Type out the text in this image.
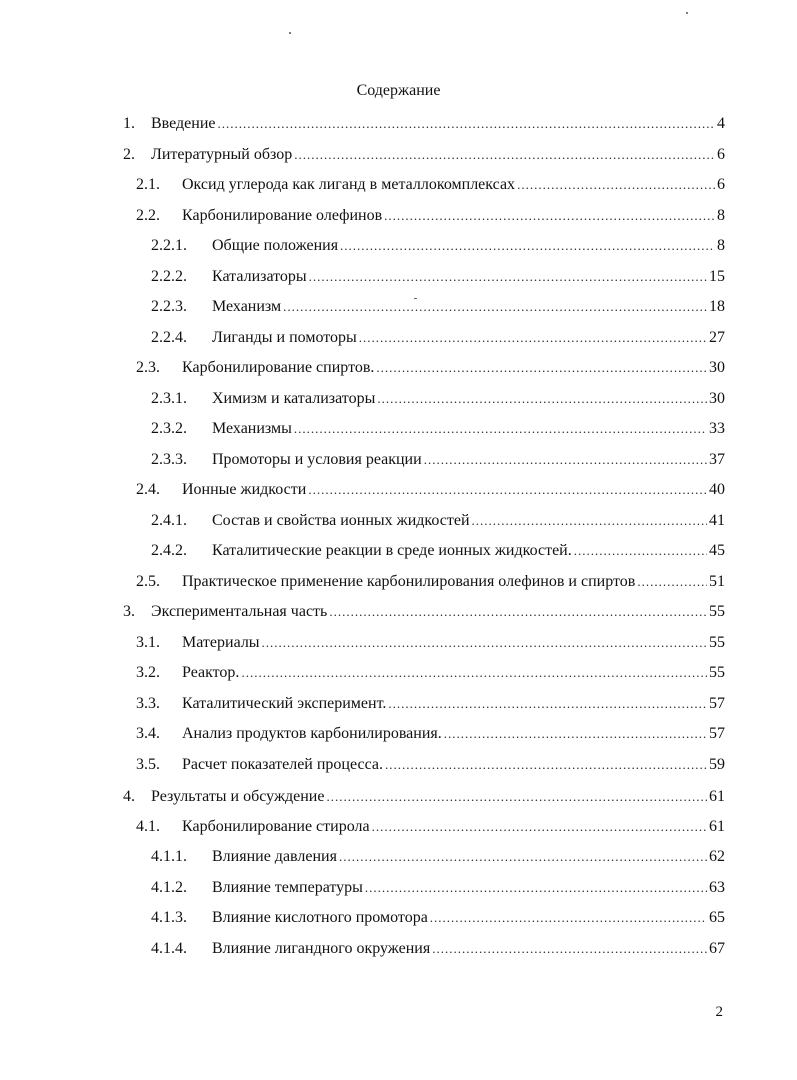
Содержание
1.	Введение .....	4
2.	Литературный обзор .....	6
2.1.	Оксид углерода как лиганд в металлокомплексах .....	6
2.2.	Карбонилирование олефинов .....	8
2.2.1.	Общие положения .....	8
2.2.2.	Катализаторы .....	15
2.2.3.	Механизм .....	18
2.2.4.	Лиганды и помоторы .....	27
2.3.	Карбонилирование спиртов. .....	30
2.3.1.	Химизм и катализаторы .....	30
2.3.2.	Механизмы .....	33
2.3.3.	Промоторы и условия реакции .....	37
2.4.	Ионные жидкости .....	40
2.4.1.	Состав и свойства ионных жидкостей .....	41
2.4.2.	Каталитические реакции в среде ионных жидкостей. .....	45
2.5.	Практическое применение карбонилирования олефинов и спиртов .....	51
3.	Экспериментальная часть .....	55
3.1.	Материалы .....	55
3.2.	Реактор. .....	55
3.3.	Каталитический эксперимент. .....	57
3.4.	Анализ продуктов карбонилирования. .....	57
3.5.	Расчет показателей процесса. .....	59
4.	Результаты и обсуждение .....	61
4.1.	Карбонилирование стирола .....	61
4.1.1.	Влияние давления .....	62
4.1.2.	Влияние температуры .....	63
4.1.3.	Влияние кислотного промотора .....	65
4.1.4.	Влияние лигандного окружения .....	67
2
